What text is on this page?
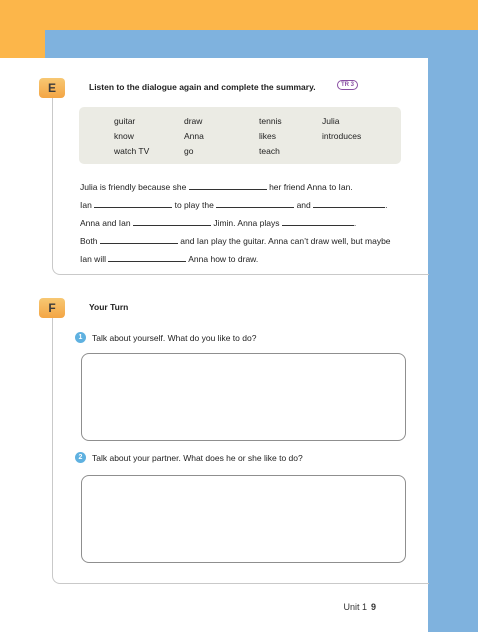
E	Listen to the dialogue again and complete the summary.	TR 3
guitar	draw	tennis	Julia
know	Anna	likes	introduces
watch TV	go	teach
Julia is friendly because she	her friend Anna to Ian.
Ian	to play the	and	.
Anna and Ian	Jimin. Anna plays	.
Both	and Ian play the guitar. Anna can’t draw well, but maybe
Ian will	Anna how to draw.
F	Your Turn
1	Talk about yourself. What do you like to do?
2	Talk about your partner. What does he or she like to do?
Unit 1 9
